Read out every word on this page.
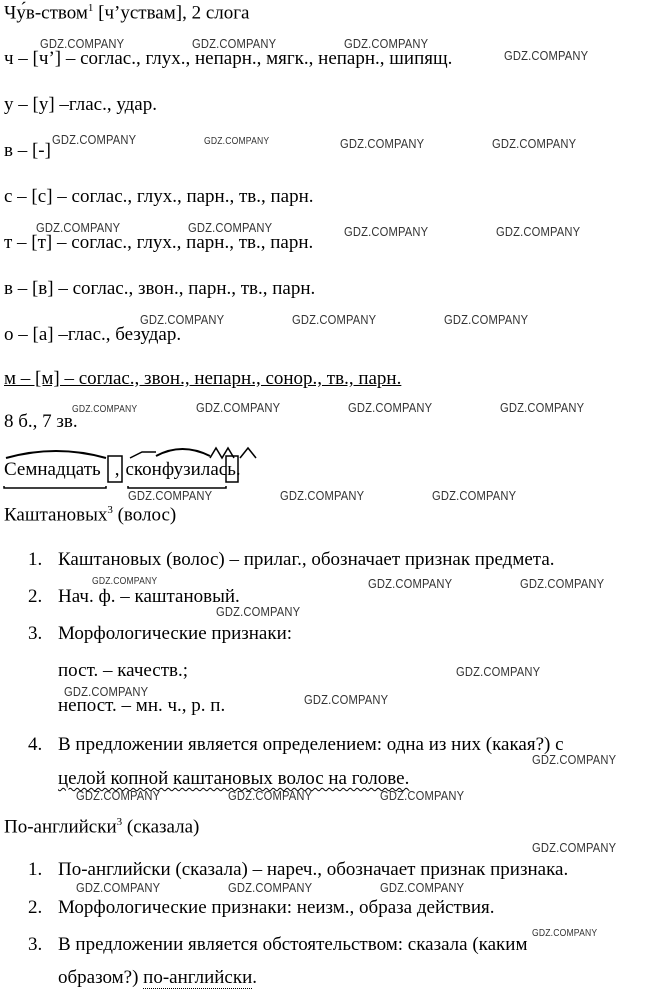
Чу́в-ством$^1$ [ч’уствам], 2 слога
ч – [ч’] – соглас., глух., непарн., мягк., непарн., шипящ.
у – [у] –глас., удар.
в – [-]
с – [с] – соглас., глух., парн., тв., парн.
т – [т] – соглас., глух., парн., тв., парн.
в – [в] – соглас., звон., парн., тв., парн.
о – [а] –глас., безудар.
м – [м] – соглас., звон., непарн., сонор., тв., парн.
8 б., 7 зв.
Семнадцать , сконфузилась.
Каштановых$^3$ (волос)
1. Каштановых (волос) – прилаг., обозначает признак предмета.
2. Нач. ф. – каштановый.
3. Морфологические признаки:
пост. – качеств.;
непост. – мн. ч., р. п.
4. В предложении является определением: одна из них (какая?) с
целой копной каштановых волос на голове.
По-английски$^3$ (сказала)
1. По-английски (сказала) – нареч., обозначает признак признака.
2. Морфологические признаки: неизм., образа действия.
3. В предложении является обстоятельством: сказала (каким
образом?) по-английски.
GDZ.COMPANY	GDZ.COMPANY	GDZ.COMPANY
GDZ.COMPANY
GDZ.COMPANY	GDZ.COMPANY	GDZ.COMPANY	GDZ.COMPANY
GDZ.COMPANY	GDZ.COMPANY	GDZ.COMPANY	GDZ.COMPANY
GDZ.COMPANY	GDZ.COMPANY	GDZ.COMPANY
GDZ.COMPANY	GDZ.COMPANY	GDZ.COMPANY	GDZ.COMPANY
GDZ.COMPANY	GDZ.COMPANY	GDZ.COMPANY
GDZ.COMPANY	GDZ.COMPANY	GDZ.COMPANY
GDZ.COMPANY
GDZ.COMPANY
GDZ.COMPANY
GDZ.COMPANY
GDZ.COMPANY
GDZ.COMPANY	GDZ.COMPANY	GDZ.COMPANY
GDZ.COMPANY
GDZ.COMPANY	GDZ.COMPANY	GDZ.COMPANY
GDZ.COMPANY
